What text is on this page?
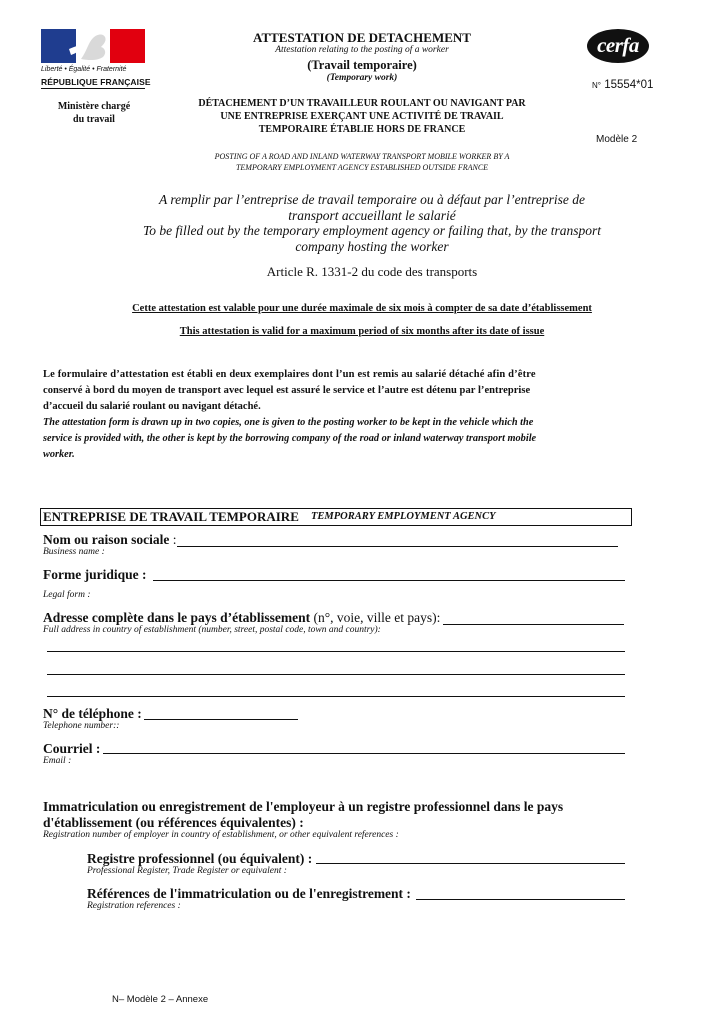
Liberté • Égalité • Fraternité
RÉPUBLIQUE FRANÇAISE
Ministère chargé
du travail
ATTESTATION DE DETACHEMENT
Attestation relating to the posting of a worker
(Travail temporaire)
(Temporary work)
DÉTACHEMENT D’UN TRAVAILLEUR ROULANT OU NAVIGANT PAR
UNE ENTREPRISE EXERÇANT UNE ACTIVITÉ DE TRAVAIL
TEMPORAIRE ÉTABLIE HORS DE FRANCE
POSTING OF A ROAD AND INLAND WATERWAY TRANSPORT MOBILE WORKER BY A
TEMPORARY EMPLOYMENT AGENCY ESTABLISHED OUTSIDE FRANCE
cerfa
N° 15554*01
Modèle 2
A remplir par l’entreprise de travail temporaire ou à défaut par l’entreprise de
transport accueillant le salarié
To be filled out by the temporary employment agency or failing that, by the transport
company hosting the worker
Article R. 1331-2 du code des transports
Cette attestation est valable pour une durée maximale de six mois à compter de sa date d’établissement
This attestation is valid for a maximum period of six months after its date of issue
Le formulaire d’attestation est établi en deux exemplaires dont l’un est remis au salarié détaché afin d’être
conservé à bord du moyen de transport avec lequel est assuré le service et l’autre est détenu par l’entreprise
d’accueil du salarié roulant ou navigant détaché.
The attestation form is drawn up in two copies, one is given to the posting worker to be kept in the vehicle which the
service is provided with, the other is kept by the borrowing company of the road or inland waterway transport mobile
worker.
ENTREPRISE DE TRAVAIL TEMPORAIRE TEMPORARY EMPLOYMENT AGENCY
Nom ou raison sociale :
Business name :
Forme juridique :
Legal form :
Adresse complète dans le pays d’établissement (n°, voie, ville et pays):
Full address in country of establishment (number, street, postal code, town and country):
N° de téléphone :
Telephone number::
Courriel :
Email :
Immatriculation ou enregistrement de l'employeur à un registre professionnel dans le pays
d'établissement (ou références équivalentes) :
Registration number of employer in country of establishment, or other equivalent references :
Registre professionnel (ou équivalent) :
Professional Register, Trade Register or equivalent :
Références de l'immatriculation ou de l'enregistrement :
Registration references :
N– Modèle 2 – Annexe
